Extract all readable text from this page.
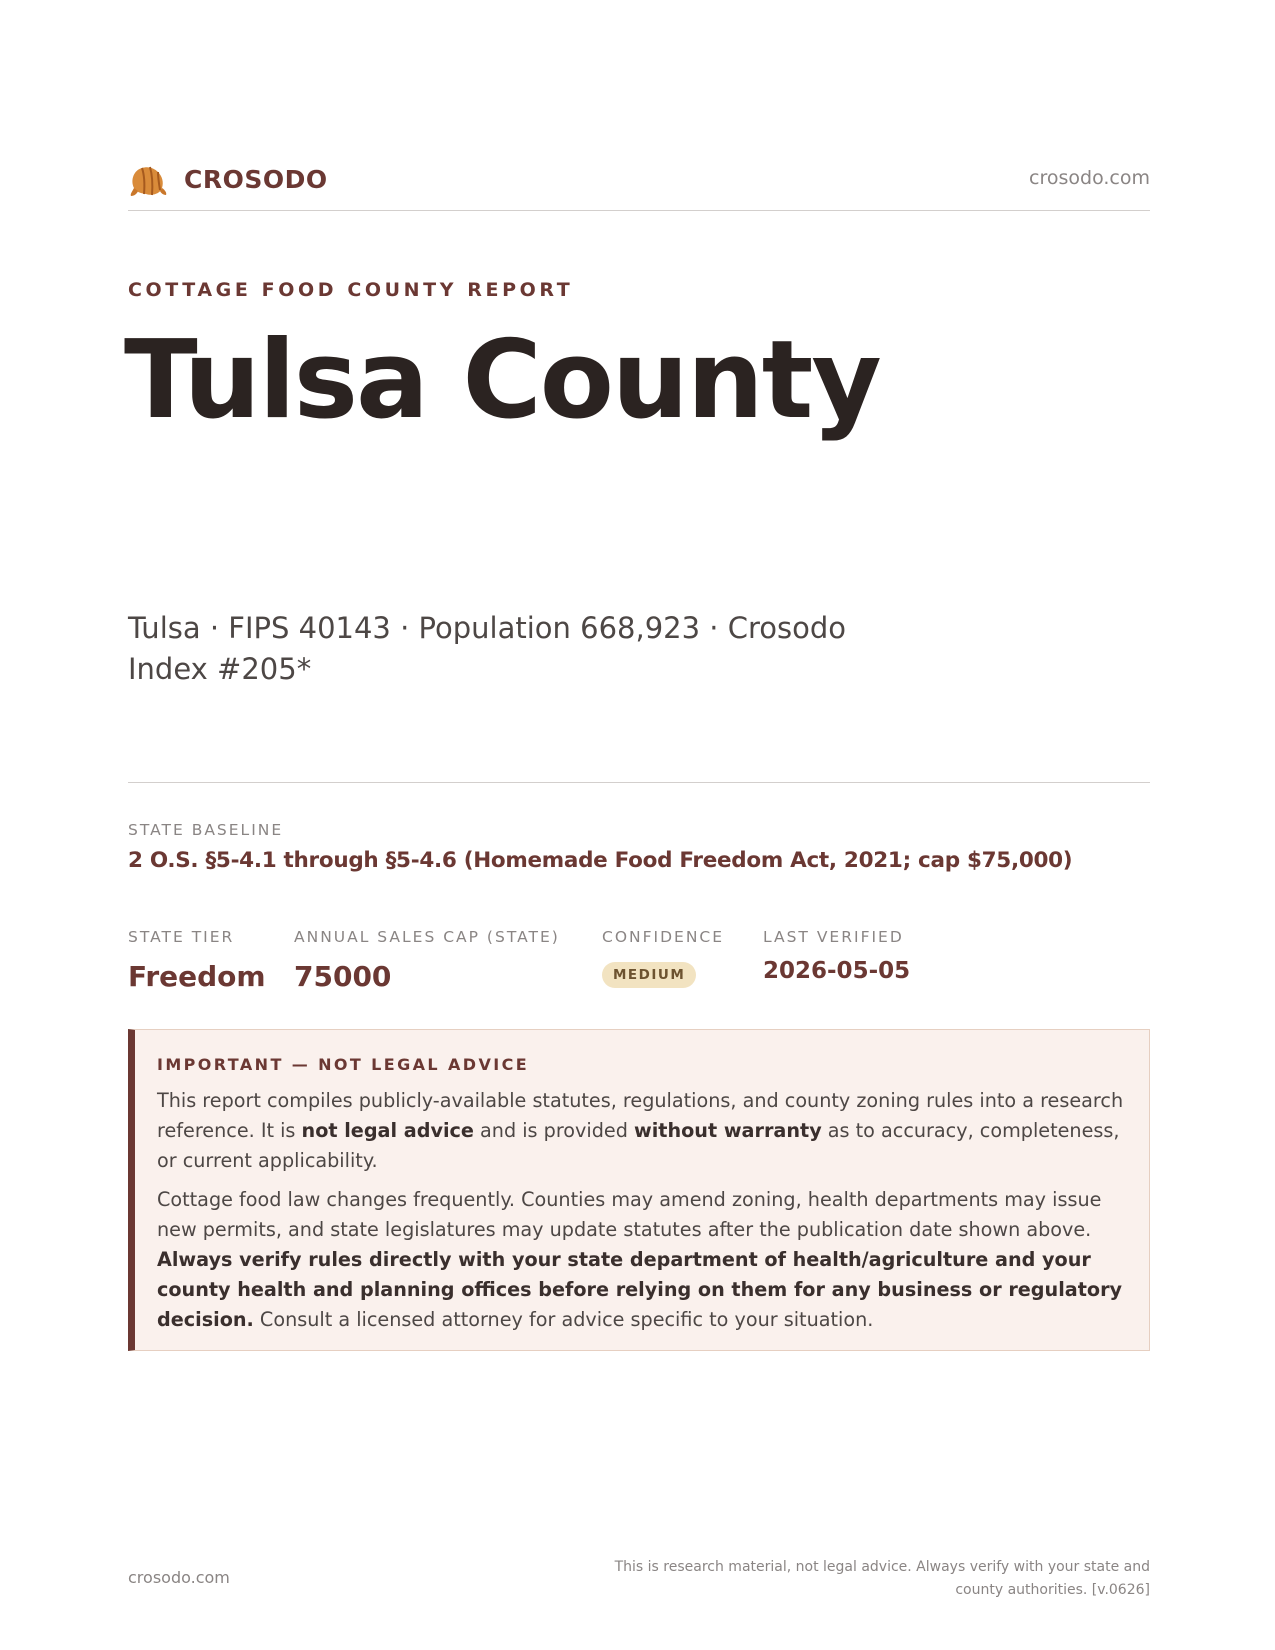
CROSODO	crosodo.com
COTTAGE FOOD COUNTY REPORT
Tulsa County
Tulsa · FIPS 40143 · Population 668,923 · Crosodo Index #205*
STATE BASELINE
2 O.S. §5-4.1 through §5-4.6 (Homemade Food Freedom Act, 2021; cap $75,000)
STATE TIER
Freedom
ANNUAL SALES CAP (STATE)
75000
CONFIDENCE
MEDIUM
LAST VERIFIED
2026-05-05
IMPORTANT — NOT LEGAL ADVICE

This report compiles publicly-available statutes, regulations, and county zoning rules into a research reference. It is not legal advice and is provided without warranty as to accuracy, completeness, or current applicability.

Cottage food law changes frequently. Counties may amend zoning, health departments may issue new permits, and state legislatures may update statutes after the publication date shown above. Always verify rules directly with your state department of health/agriculture and your county health and planning offices before relying on them for any business or regulatory decision. Consult a licensed attorney for advice specific to your situation.

crosodo.com
This is research material, not legal advice. Always verify with your state and county authorities. [v.0626]
